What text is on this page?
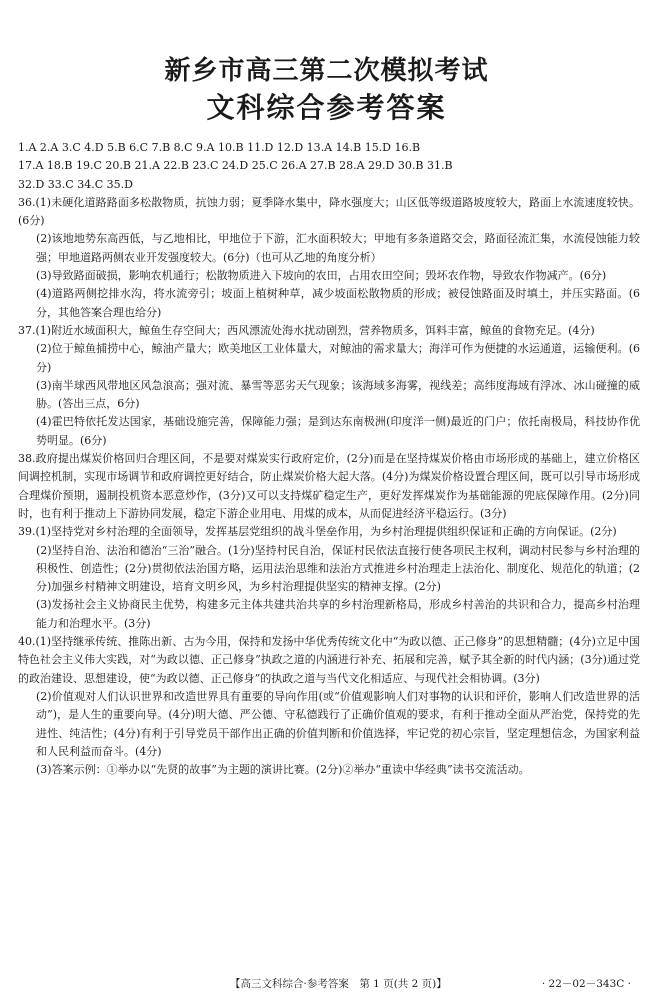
新乡市高三第二次模拟考试
文科综合参考答案

1.A 2.A 3.C 4.D 5.B 6.C 7.B 8.C 9.A 10.B 11.D 12.D 13.A 14.B 15.D 16.B

17.A 18.B 19.C 20.B 21.A 22.B 23.C 24.D 25.C 26.A 27.B 28.A 29.D 30.B 31.B

32.D 33.C 34.C 35.D

36.(1)未硬化道路路面多松散物质，抗蚀力弱；夏季降水集中，降水强度大；山区低等级道路坡度较大，路面上水流速度较快。(6分)

(2)该地地势东高西低，与乙地相比，甲地位于下游，汇水面积较大；甲地有多条道路交会，路面径流汇集，水流侵蚀能力较强；甲地道路两侧农业开发强度较大。(6分)（也可从乙地的角度分析）

(3)导致路面破损，影响农机通行；松散物质进入下坡向的农田，占用农田空间；毁坏农作物，导致农作物减产。(6分)

(4)道路两侧挖排水沟，将水流旁引；坡面上植树种草，减少坡面松散物质的形成；被侵蚀路面及时填土，并压实路面。(6分，其他答案合理也给分)

37.(1)附近水域面积大，鲸鱼生存空间大；西风漂流处海水扰动剧烈，营养物质多，饵料丰富，鲸鱼的食物充足。(4分)

(2)位于鲸鱼捕捞中心，鲸油产量大；欧美地区工业体量大，对鲸油的需求量大；海洋可作为便捷的水运通道，运输便利。(6分)

(3)南半球西风带地区风急浪高；强对流、暴雪等恶劣天气现象；该海域多海雾，视线差；高纬度海域有浮冰、冰山碰撞的威胁。(答出三点，6分)

(4)霍巴特依托发达国家，基础设施完善，保障能力强；是到达东南极洲(印度洋一侧)最近的门户；依托南极局，科技协作优势明显。(6分)

38.政府提出煤炭价格回归合理区间，不是要对煤炭实行政府定价，(2分)而是在坚持煤炭价格由市场形成的基础上，建立价格区间调控机制，实现市场调节和政府调控更好结合，防止煤炭价格大起大落。(4分)为煤炭价格设置合理区间，既可以引导市场形成合理煤价预期，遏制投机资本恶意炒作，(3分)又可以支持煤矿稳定生产，更好发挥煤炭作为基础能源的兜底保障作用。(2分)同时，也有利于推动上下游协同发展，稳定下游企业用电、用煤的成本，从而促进经济平稳运行。(3分)

39.(1)坚持党对乡村治理的全面领导，发挥基层党组织的战斗堡垒作用，为乡村治理提供组织保证和正确的方向保证。(2分)

(2)坚持自治、法治和德治“三治”融合。(1分)坚持村民自治，保证村民依法直接行使各项民主权利，调动村民参与乡村治理的积极性、创造性；(2分)贯彻依法治国方略，运用法治思维和法治方式推进乡村治理走上法治化、制度化、规范化的轨道；(2分)加强乡村精神文明建设，培育文明乡风，为乡村治理提供坚实的精神支撑。(2分)

(3)发扬社会主义协商民主优势，构建多元主体共建共治共享的乡村治理新格局，形成乡村善治的共识和合力，提高乡村治理能力和治理水平。(3分)

40.(1)坚持继承传统、推陈出新、古为今用，保持和发扬中华优秀传统文化中“为政以德、正己修身”的思想精髓；(4分)立足中国特色社会主义伟大实践，对“为政以德、正己修身”执政之道的内涵进行补充、拓展和完善，赋予其全新的时代内涵；(3分)通过党的政治建设、思想建设，使“为政以德、正己修身”的执政之道与当代文化相适应、与现代社会相协调。(3分)

(2)价值观对人们认识世界和改造世界具有重要的导向作用(或“价值观影响人们对事物的认识和评价，影响人们改造世界的活动”)，是人生的重要向导。(4分)明大德、严公德、守私德践行了正确价值观的要求，有利于推动全面从严治党，保持党的先进性、纯洁性；(4分)有利于引导党员干部作出正确的价值判断和价值选择，牢记党的初心宗旨，坚定理想信念，为国家利益和人民利益而奋斗。(4分)

(3)答案示例：①举办以“先贤的故事”为主题的演讲比赛。(2分)②举办“重读中华经典”读书交流活动。

【高三文科综合·参考答案　第 1 页(共 2 页)】	· 22－02－343C ·
